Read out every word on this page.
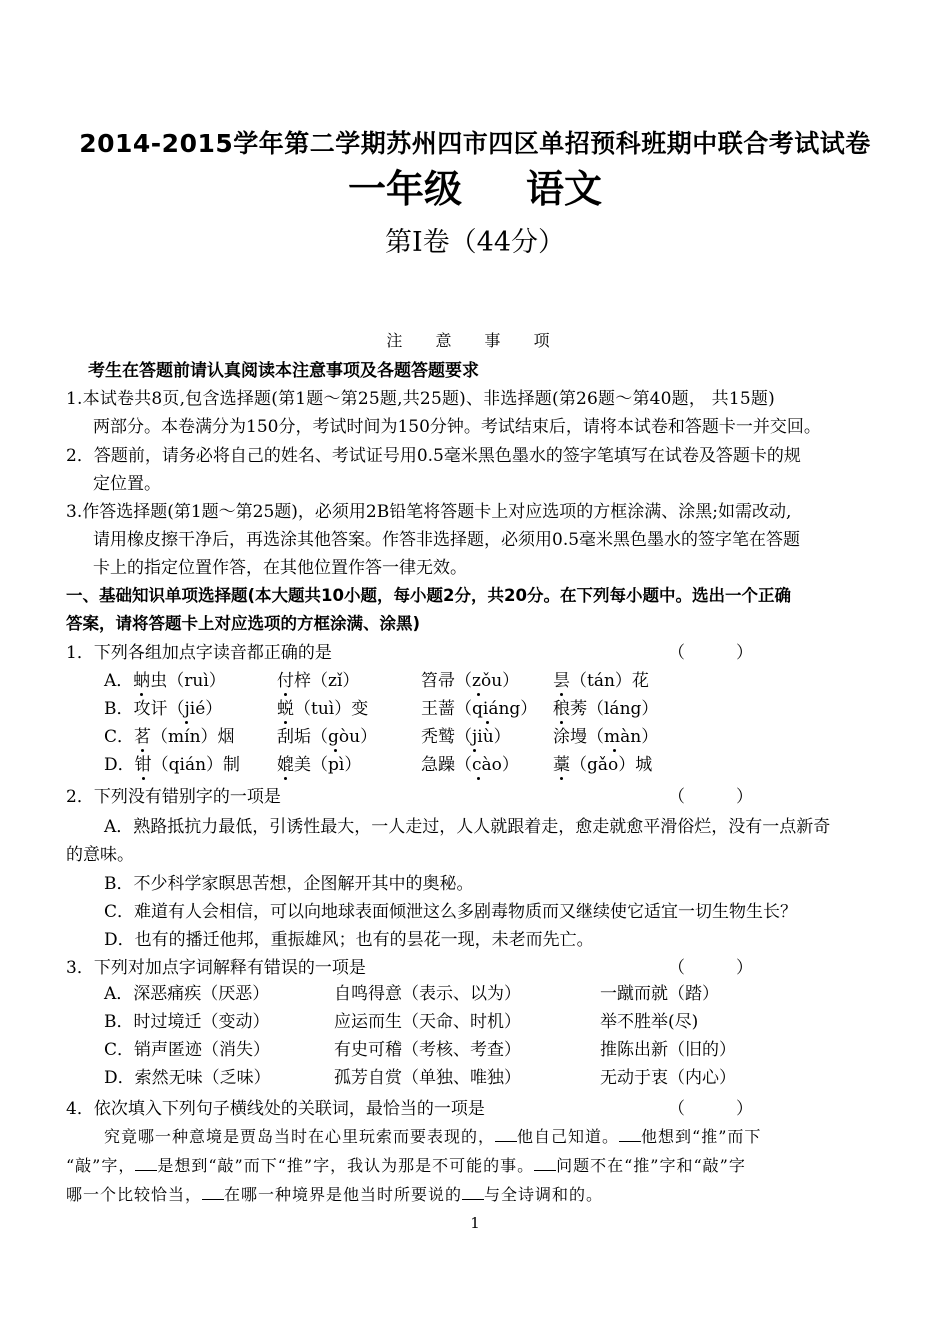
2014-2015学年第二学期苏州四市四区单招预科班期中联合考试试卷
一年级 语文
第Ⅰ卷（44分）
注 意 事 项
考生在答题前请认真阅读本注意事项及各题答题要求
1.本试卷共8页,包含选择题(第1题～第25题,共25题)、非选择题(第26题～第40题， 共15题)
两部分。本卷满分为150分，考试时间为150分钟。考试结束后，请将本试卷和答题卡一并交回。
2．答题前，请务必将自己的姓名、考试证号用0.5毫米黑色墨水的签字笔填写在试卷及答题卡的规
定位置。
3.作答选择题(第1题～第25题)，必须用2B铅笔将答题卡上对应选项的方框涂满、涂黑;如需改动,
请用橡皮擦干净后，再选涂其他答案。作答非选择题，必须用0.5毫米黑色墨水的签字笔在答题
卡上的指定位置作答，在其他位置作答一律无效。
一、基础知识单项选择题(本大题共10小题，每小题2分，共20分。在下列每小题中。选出一个正确
答案，请将答题卡上对应选项的方框涂满、涂黑)
1．下列各组加点字读音都正确的是	（　　　）
A．蚋虫（ruì）	付梓（zǐ）	笤帚（zǒu） 昙（tán）花
B．攻讦（jié）	蜕（tuì）变	王蔷（qiáng） 稂莠（láng）
C．茗（mín）烟 刮垢（gòu）	秃鹫（jiù） 涂墁（màn）
D．钳（qián）制 媲美（pì）	急躁（cào） 藁（gǎo）城
2．下列没有错别字的一项是	（　　　）
A．熟路抵抗力最低，引诱性最大，一人走过，人人就跟着走，愈走就愈平滑俗烂，没有一点新奇
的意味。
B．不少科学家瞑思苦想，企图解开其中的奥秘。
C．难道有人会相信，可以向地球表面倾泄这么多剧毒物质而又继续使它适宜一切生物生长？
D．也有的播迁他邦，重振雄风；也有的昙花一现，未老而先亡。
3．下列对加点字词解释有错误的一项是	（　　　）
A．深恶痛疾（厌恶）	自鸣得意（表示、以为）	一蹴而就（踏）
B．时过境迁（变动）	应运而生（天命、时机）	举不胜举(尽)
C．销声匿迹（消失）	有史可稽（考核、考查）	推陈出新（旧的）
D．索然无味（乏味）	孤芳自赏（单独、唯独）	无动于衷（内心）
4．依次填入下列句子横线处的关联词，最恰当的一项是	（　　　）
究竟哪一种意境是贾岛当时在心里玩索而要表现的， 他自己知道。 他想到“推”而下
“敲”字， 是想到“敲”而下“推”字，我认为那是不可能的事。 问题不在“推”字和“敲”字
哪一个比较恰当， 在哪一种境界是他当时所要说的 与全诗调和的。
1
